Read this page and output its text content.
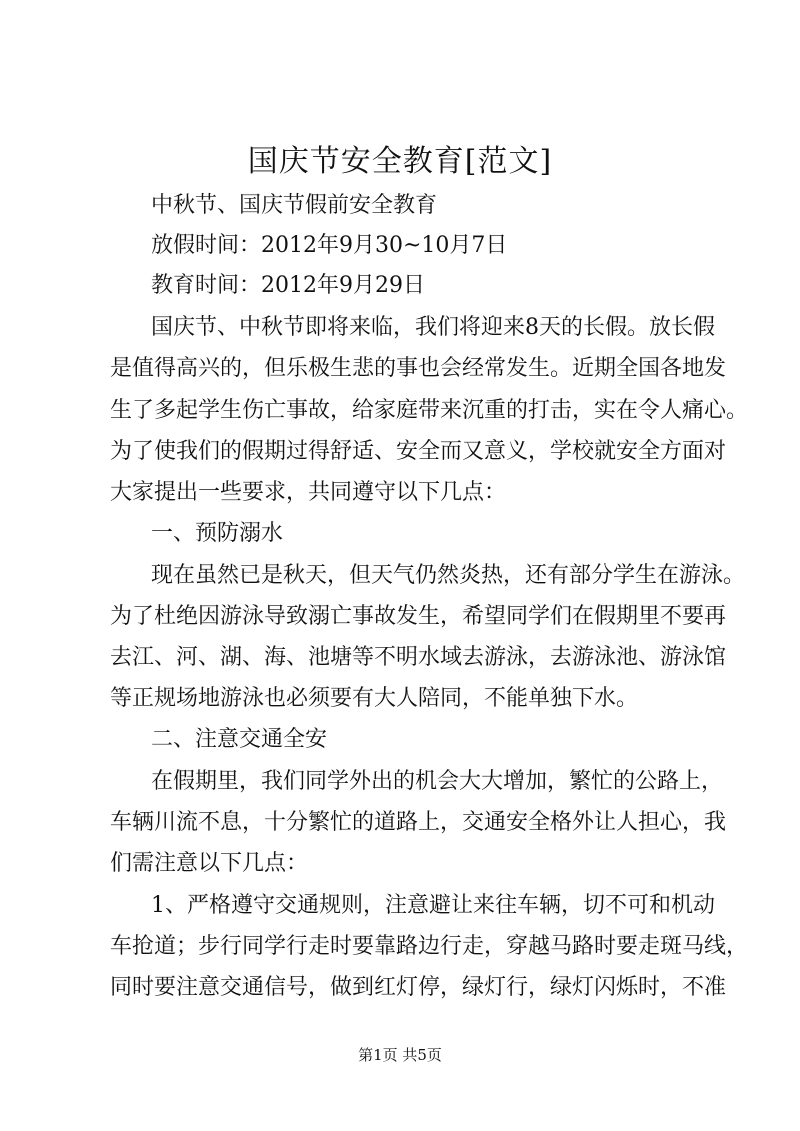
国庆节安全教育[范文]
中秋节、国庆节假前安全教育
放假时间：2012年9月30~10月7日
教育时间：2012年9月29日
国庆节、中秋节即将来临，我们将迎来8天的长假。放长假
是值得高兴的，但乐极生悲的事也会经常发生。近期全国各地发
生了多起学生伤亡事故，给家庭带来沉重的打击，实在令人痛心。
为了使我们的假期过得舒适、安全而又意义，学校就安全方面对
大家提出一些要求，共同遵守以下几点：
一、预防溺水
现在虽然已是秋天，但天气仍然炎热，还有部分学生在游泳。
为了杜绝因游泳导致溺亡事故发生，希望同学们在假期里不要再
去江、河、湖、海、池塘等不明水域去游泳，去游泳池、游泳馆
等正规场地游泳也必须要有大人陪同，不能单独下水。
二、注意交通全安
在假期里，我们同学外出的机会大大增加，繁忙的公路上，
车辆川流不息，十分繁忙的道路上，交通安全格外让人担心，我
们需注意以下几点：
1、严格遵守交通规则，注意避让来往车辆，切不可和机动
车抢道；步行同学行走时要靠路边行走，穿越马路时要走斑马线，
同时要注意交通信号，做到红灯停，绿灯行，绿灯闪烁时，不准
第1页 共5页
